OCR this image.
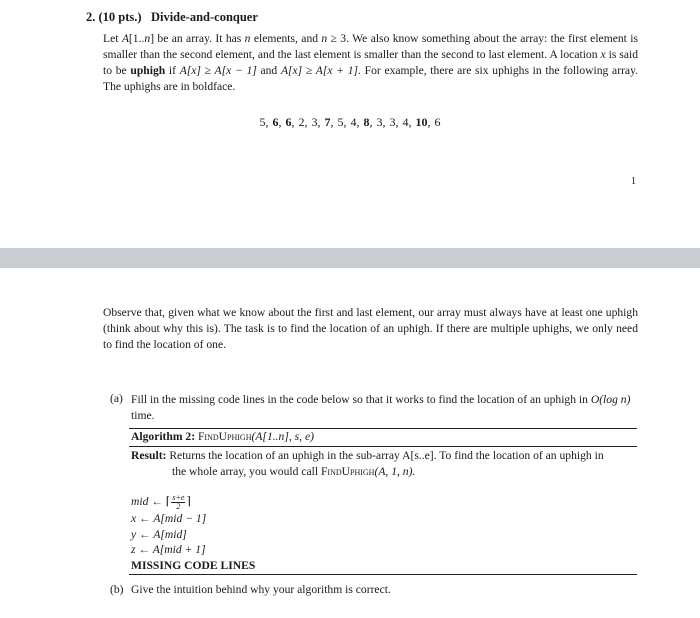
2. (10 pts.) Divide-and-conquer
Let A[1..n] be an array. It has n elements, and n ≥ 3. We also know something about the array: the first element is smaller than the second element, and the last element is smaller than the second to last element. A location x is said to be uphigh if A[x] ≥ A[x − 1] and A[x] ≥ A[x + 1]. For example, there are six uphighs in the following array. The uphighs are in boldface.
5, 6, 6, 2, 3, 7, 5, 4, 8, 3, 3, 4, 10, 6
1
Observe that, given what we know about the first and last element, our array must always have at least one uphigh (think about why this is). The task is to find the location of an uphigh. If there are multiple uphighs, we only need to find the location of one.
(a) Fill in the missing code lines in the code below so that it works to find the location of an uphigh in O(log n) time.
Algorithm 2: FindUphigh(A[1..n], s, e)
Result: Returns the location of an uphigh in the sub-array A[s..e]. To find the location of an uphigh in
the whole array, you would call FindUphigh(A, 1, n).
mid ← ⌈ $\frac{s+e}{2}$ ⌉
x ← A[mid − 1]
y ← A[mid]
z ← A[mid + 1]
MISSING CODE LINES
(b) Give the intuition behind why your algorithm is correct.
